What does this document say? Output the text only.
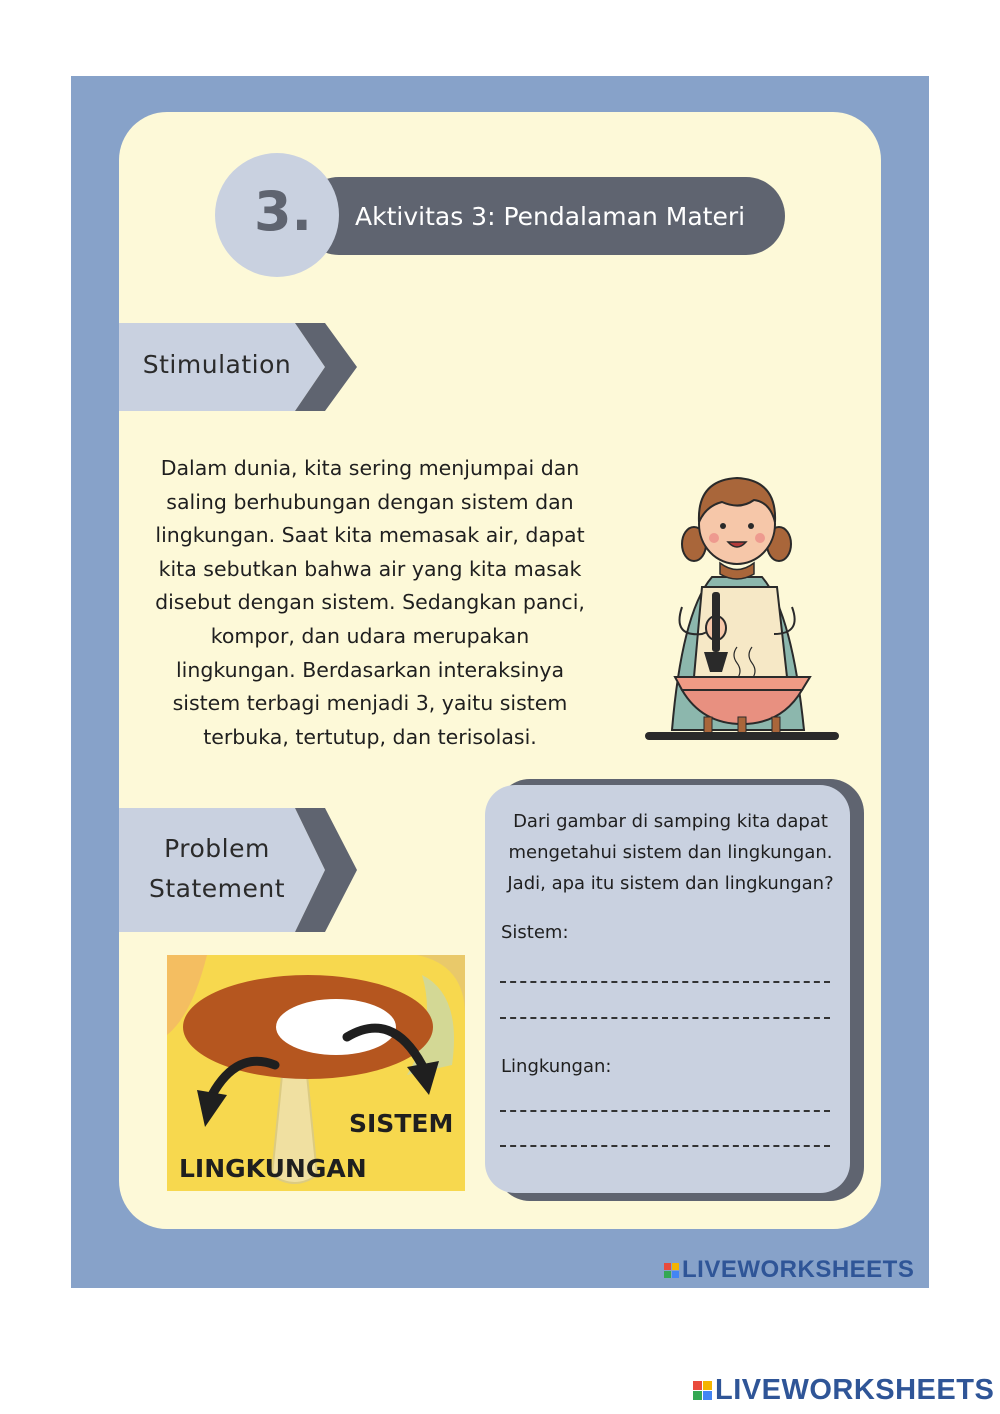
3. Aktivitas 3: Pendalaman Materi
Stimulation
Dalam dunia, kita sering menjumpai dan
saling berhubungan dengan sistem dan
lingkungan. Saat kita memasak air, dapat
kita sebutkan bahwa air yang kita masak
disebut dengan sistem. Sedangkan panci,
kompor, dan udara merupakan
lingkungan. Berdasarkan interaksinya
sistem terbagi menjadi 3, yaitu sistem
terbuka, tertutup, dan terisolasi.
Problem
Statement
SISTEM
LINGKUNGAN
Dari gambar di samping kita dapat
mengetahui sistem dan lingkungan.
Jadi, apa itu sistem dan lingkungan?
Sistem:
Lingkungan:
LIVEWORKSHEETS
LIVEWORKSHEETS
